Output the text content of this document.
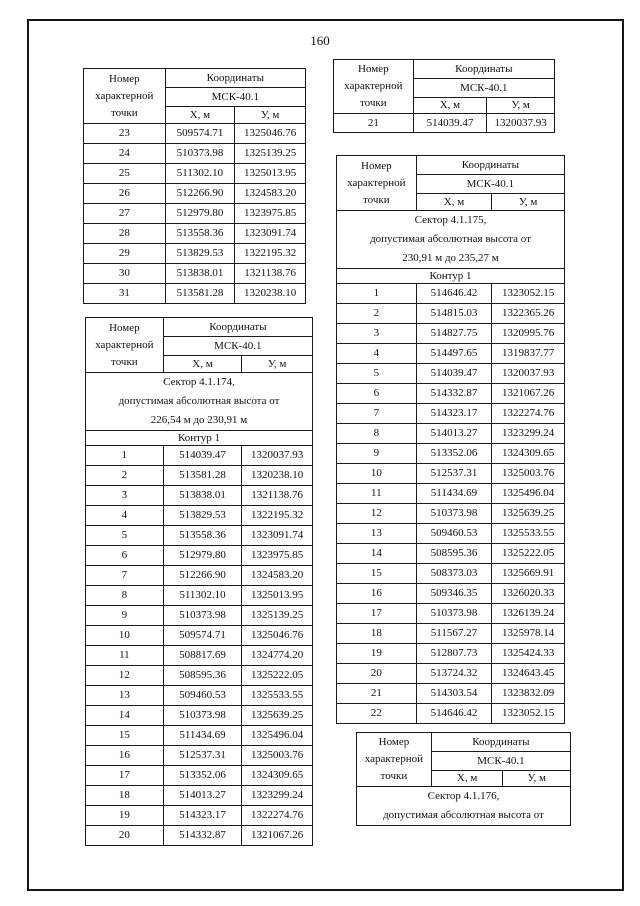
160
Номер
характерной
точки	Координаты	
	МСК-40.1	
	X, м	У, м
23	509574.71	1325046.76
24	510373.98	1325139.25
25	511302.10	1325013.95
26	512266.90	1324583.20
27	512979.80	1323975.85
28	513558.36	1323091.74
29	513829.53	1322195.32
30	513838.01	1321138.76
31	513581.28	1320238.10
Номер
характерной
точки	Координаты	
	МСК-40.1	
	X, м	У, м

Сектор 4.1.174,
допустимая абсолютная высота от
226,54 м до 230,91 м		

Контур 1		
1	514039.47	1320037.93
2	513581.28	1320238.10
3	513838.01	1321138.76
4	513829.53	1322195.32
5	513558.36	1323091.74
6	512979.80	1323975.85
7	512266.90	1324583.20
8	511302.10	1325013.95
9	510373.98	1325139.25
10	509574.71	1325046.76
11	508817.69	1324774.20
12	508595.36	1325222.05
13	509460.53	1325533.55
14	510373.98	1325639.25
15	511434.69	1325496.04
16	512537.31	1325003.76
17	513352.06	1324309.65
18	514013.27	1323299.24
19	514323.17	1322274.76
20	514332.87	1321067.26
Номер
характерной
точки	Координаты	
	МСК-40.1	
	X, м	У, м
21	514039.47	1320037.93
Номер
характерной
точки	Координаты	
	МСК-40.1	
	X, м	У, м

Сектор 4.1.175,
допустимая абсолютная высота от
230,91 м до 235,27 м		

Контур 1		
1	514646.42	1323052.15
2	514815.03	1322365.26
3	514827.75	1320995.76
4	514497.65	1319837.77
5	514039.47	1320037.93
6	514332.87	1321067.26
7	514323.17	1322274.76
8	514013.27	1323299.24
9	513352.06	1324309.65
10	512537.31	1325003.76
11	511434.69	1325496.04
12	510373.98	1325639.25
13	509460.53	1325533.55
14	508595.36	1325222.05
15	508373.03	1325669.91
16	509346.35	1326020.33
17	510373.98	1326139.24
18	511567.27	1325978.14
19	512807.73	1325424.33
20	513724.32	1324643.45
21	514303.54	1323832.09
22	514646.42	1323052.15
Номер
характерной
точки	Координаты	
	МСК-40.1	
	X, м	У, м

Сектор 4.1.176,
допустимая абсолютная высота от		
